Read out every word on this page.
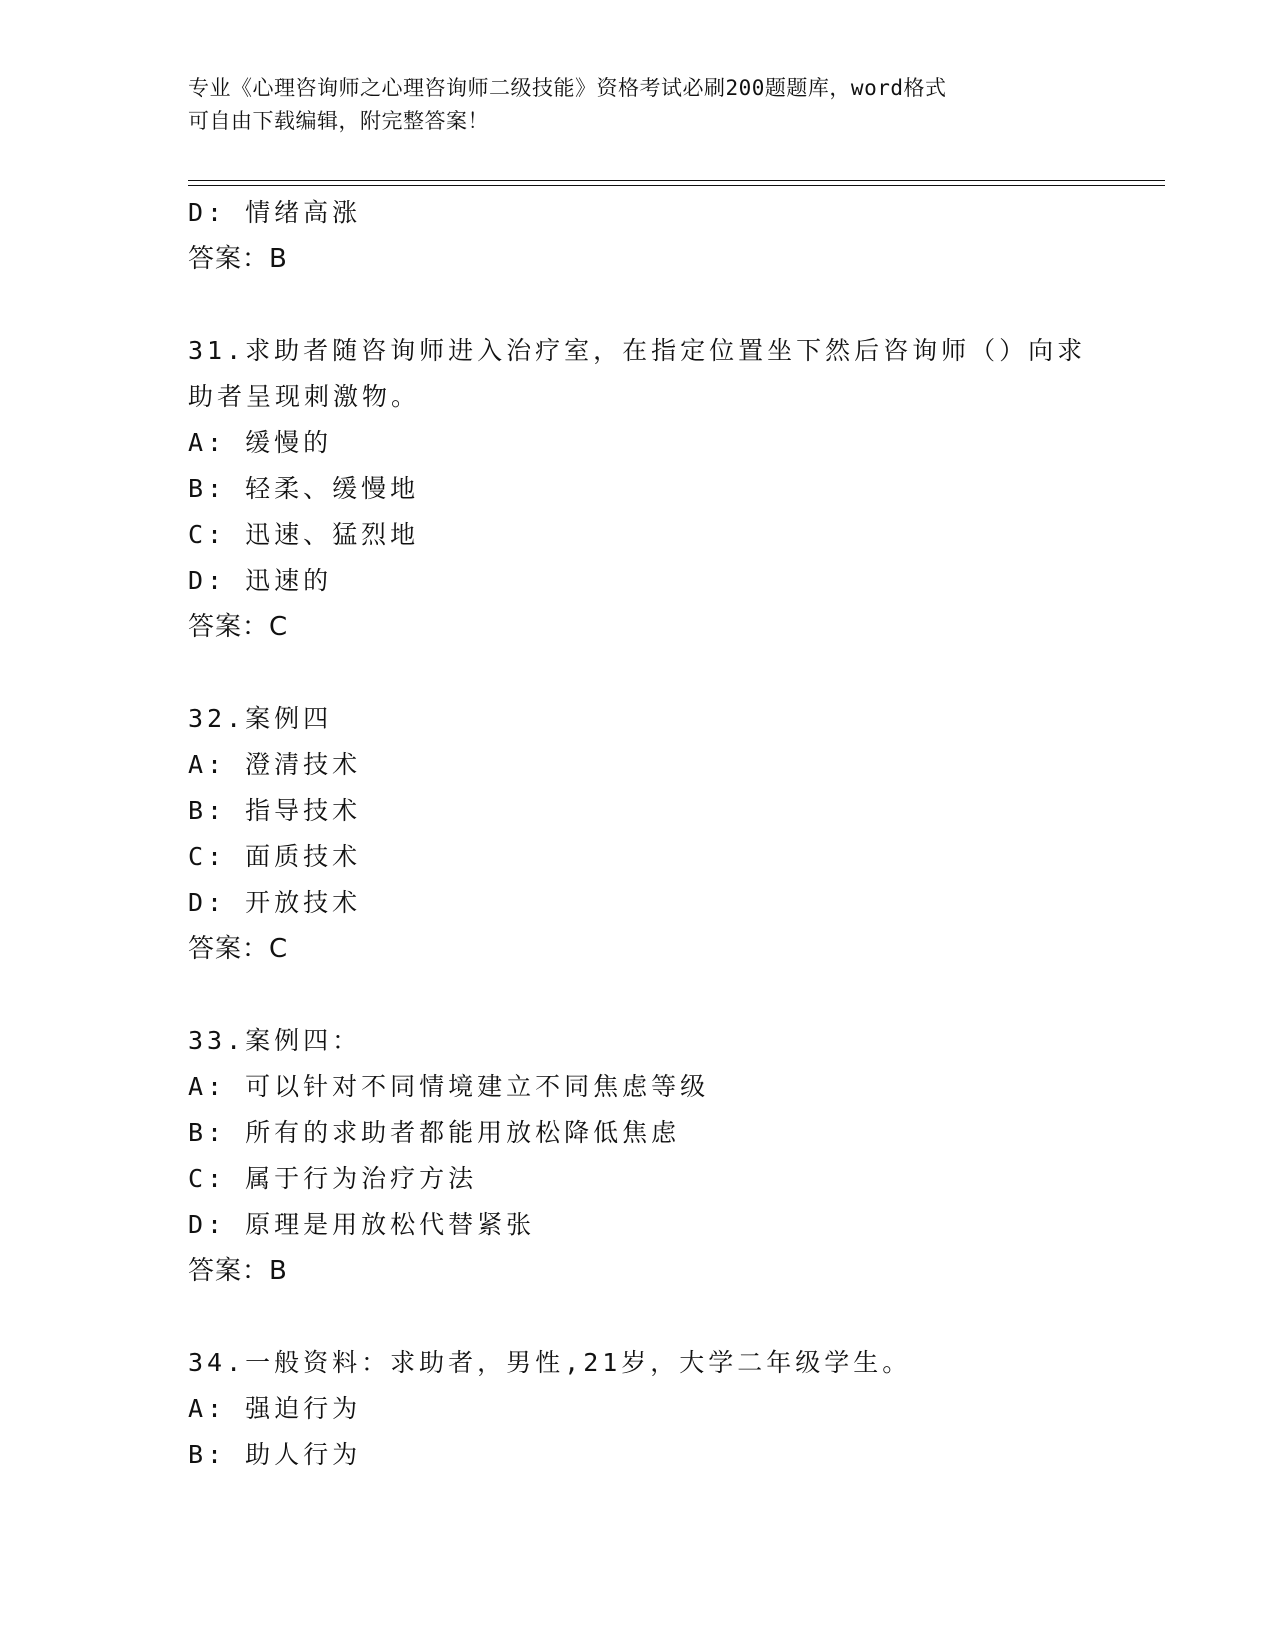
专业《心理咨询师之心理咨询师二级技能》资格考试必刷200题题库，word格式
可自由下载编辑，附完整答案！
D: 情绪高涨
答案：B
31.求助者随咨询师进入治疗室，在指定位置坐下然后咨询师（）向求
助者呈现刺激物。
A: 缓慢的
B: 轻柔、缓慢地
C: 迅速、猛烈地
D: 迅速的
答案：C
32.案例四
A: 澄清技术
B: 指导技术
C: 面质技术
D: 开放技术
答案：C
33.案例四：
A: 可以针对不同情境建立不同焦虑等级
B: 所有的求助者都能用放松降低焦虑
C: 属于行为治疗方法
D: 原理是用放松代替紧张
答案：B
34.一般资料：求助者，男性,21岁，大学二年级学生。
A: 强迫行为
B: 助人行为
